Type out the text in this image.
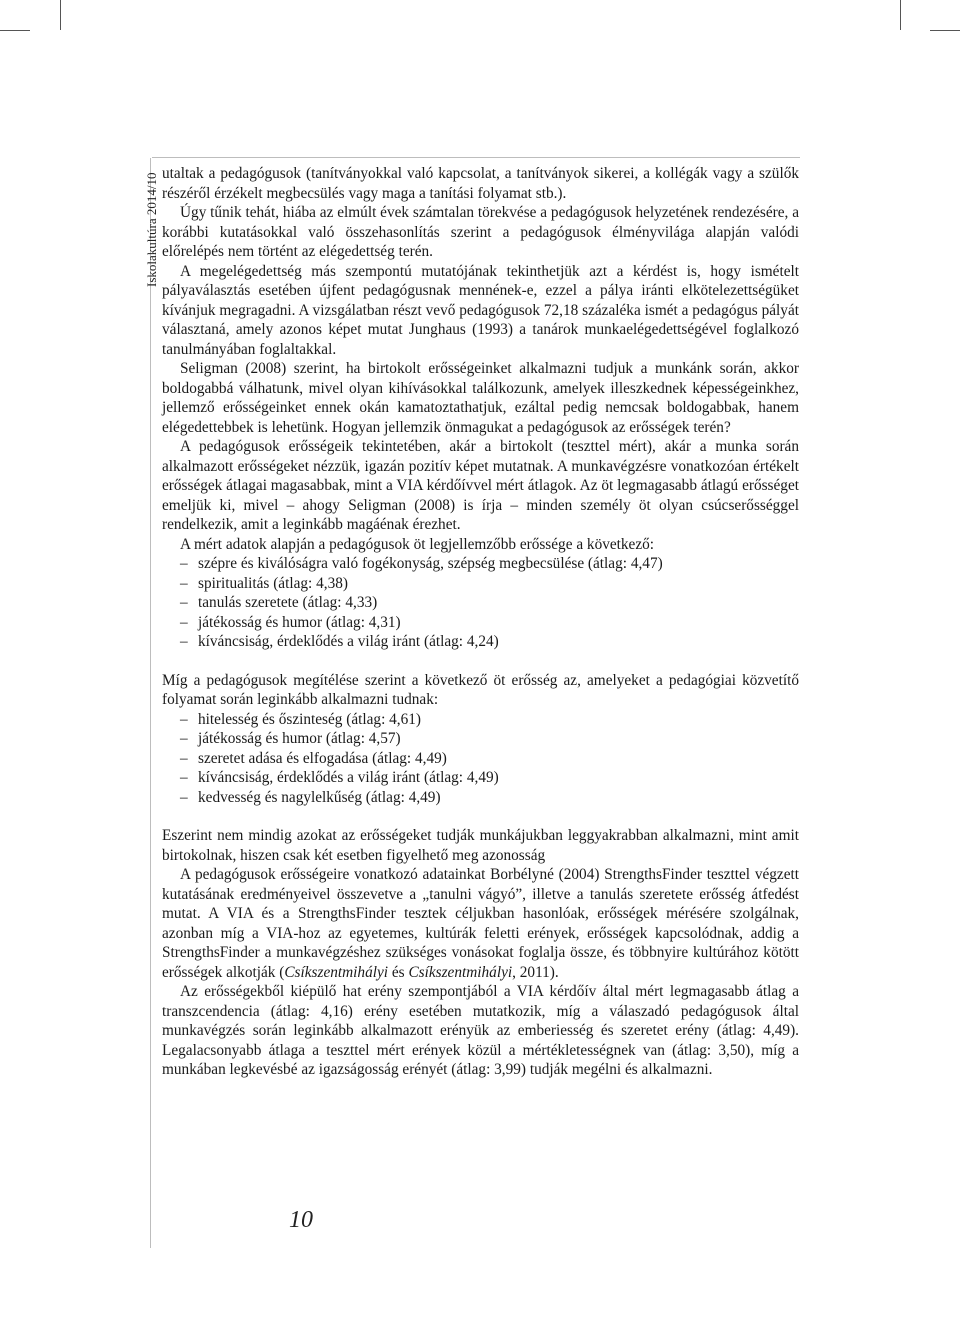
Iskolakultúra 2014/10 utaltak a pedagógusok (tanítványokkal való kapcsolat, a tanítványok sikerei, a kollégák vagy a szülők részéről érzékelt megbecsülés vagy maga a tanítási folyamat stb.).

Úgy tűnik tehát, hiába az elmúlt évek számtalan törekvése a pedagógusok helyzetének rendezésére, a korábbi kutatásokkal való összehasonlítás szerint a pedagógusok élményvilága alapján valódi előrelépés nem történt az elégedettség terén.

A megelégedettség más szempontú mutatójának tekinthetjük azt a kérdést is, hogy ismételt pályaválasztás esetében újfent pedagógusnak mennének-e, ezzel a pálya iránti elkötelezettségüket kívánjuk megragadni. A vizsgálatban részt vevő pedagógusok 72,18 százaléka ismét a pedagógus pályát választaná, amely azonos képet mutat Junghaus (1993) a tanárok munkaelégedettségével foglalkozó tanulmányában foglaltakkal.

Seligman (2008) szerint, ha birtokolt erősségeinket alkalmazni tudjuk a munkánk során, akkor boldogabbá válhatunk, mivel olyan kihívásokkal találkozunk, amelyek illeszkednek képességeinkhez, jellemző erősségeinket ennek okán kamatoztathatjuk, ezáltal pedig nemcsak boldogabbak, hanem elégedettebbek is lehetünk. Hogyan jellemzik önmagukat a pedagógusok az erősségek terén?

A pedagógusok erősségeik tekintetében, akár a birtokolt (teszttel mért), akár a munka során alkalmazott erősségeket nézzük, igazán pozitív képet mutatnak. A munkavégzésre vonatkozóan értékelt erősségek átlagai magasabbak, mint a VIA kérdőívvel mért átlagok. Az öt legmagasabb átlagú erősséget emeljük ki, mivel – ahogy Seligman (2008) is írja – minden személy öt olyan csúcserősséggel rendelkezik, amit a leginkább magáénak érezhet.

A mért adatok alapján a pedagógusok öt legjellemzőbb erőssége a következő:

– szépre és kiválóságra való fogékonyság, szépség megbecsülése (átlag: 4,47)
– spiritualitás (átlag: 4,38)
– tanulás szeretete (átlag: 4,33)
– játékosság és humor (átlag: 4,31)
– kíváncsiság, érdeklődés a világ iránt (átlag: 4,24)

Míg a pedagógusok megítélése szerint a következő öt erősség az, amelyeket a pedagógiai közvetítő folyamat során leginkább alkalmazni tudnak:

– hitelesség és őszinteség (átlag: 4,61)
– játékosság és humor (átlag: 4,57)
– szeretet adása és elfogadása (átlag: 4,49)
– kíváncsiság, érdeklődés a világ iránt (átlag: 4,49)
– kedvesség és nagylelkűség (átlag: 4,49)

Eszerint nem mindig azokat az erősségeket tudják munkájukban leggyakrabban alkalmazni, mint amit birtokolnak, hiszen csak két esetben figyelhető meg azonosság

A pedagógusok erősségeire vonatkozó adatainkat Borbélyné (2004) StrengthsFinder teszttel végzett kutatásának eredményeivel összevetve a „tanulni vágyó”, illetve a tanulás szeretete erősség átfedést mutat. A VIA és a StrengthsFinder tesztek céljukban hasonlóak, erősségek mérésére szolgálnak, azonban míg a VIA-hoz az egyetemes, kultúrák feletti erények, erősségek kapcsolódnak, addig a StrengthsFinder a munkavégzéshez szükséges vonásokat foglalja össze, és többnyire kultúrához kötött erősségek alkotják (Csíkszentmihályi és Csíkszentmihályi, 2011).

Az erősségekből kiépülő hat erény szempontjából a VIA kérdőív által mért legmagasabb átlag a transzcendencia (átlag: 4,16) erény esetében mutatkozik, míg a válaszadó pedagógusok által munkavégzés során leginkább alkalmazott erényük az emberiesség és szeretet erény (átlag: 4,49). Legalacsonyabb átlaga a teszttel mért erények közül a mértékletességnek van (átlag: 3,50), míg a munkában legkevésbé az igazságosság erényét (átlag: 3,99) tudják megélni és alkalmazni.

10
